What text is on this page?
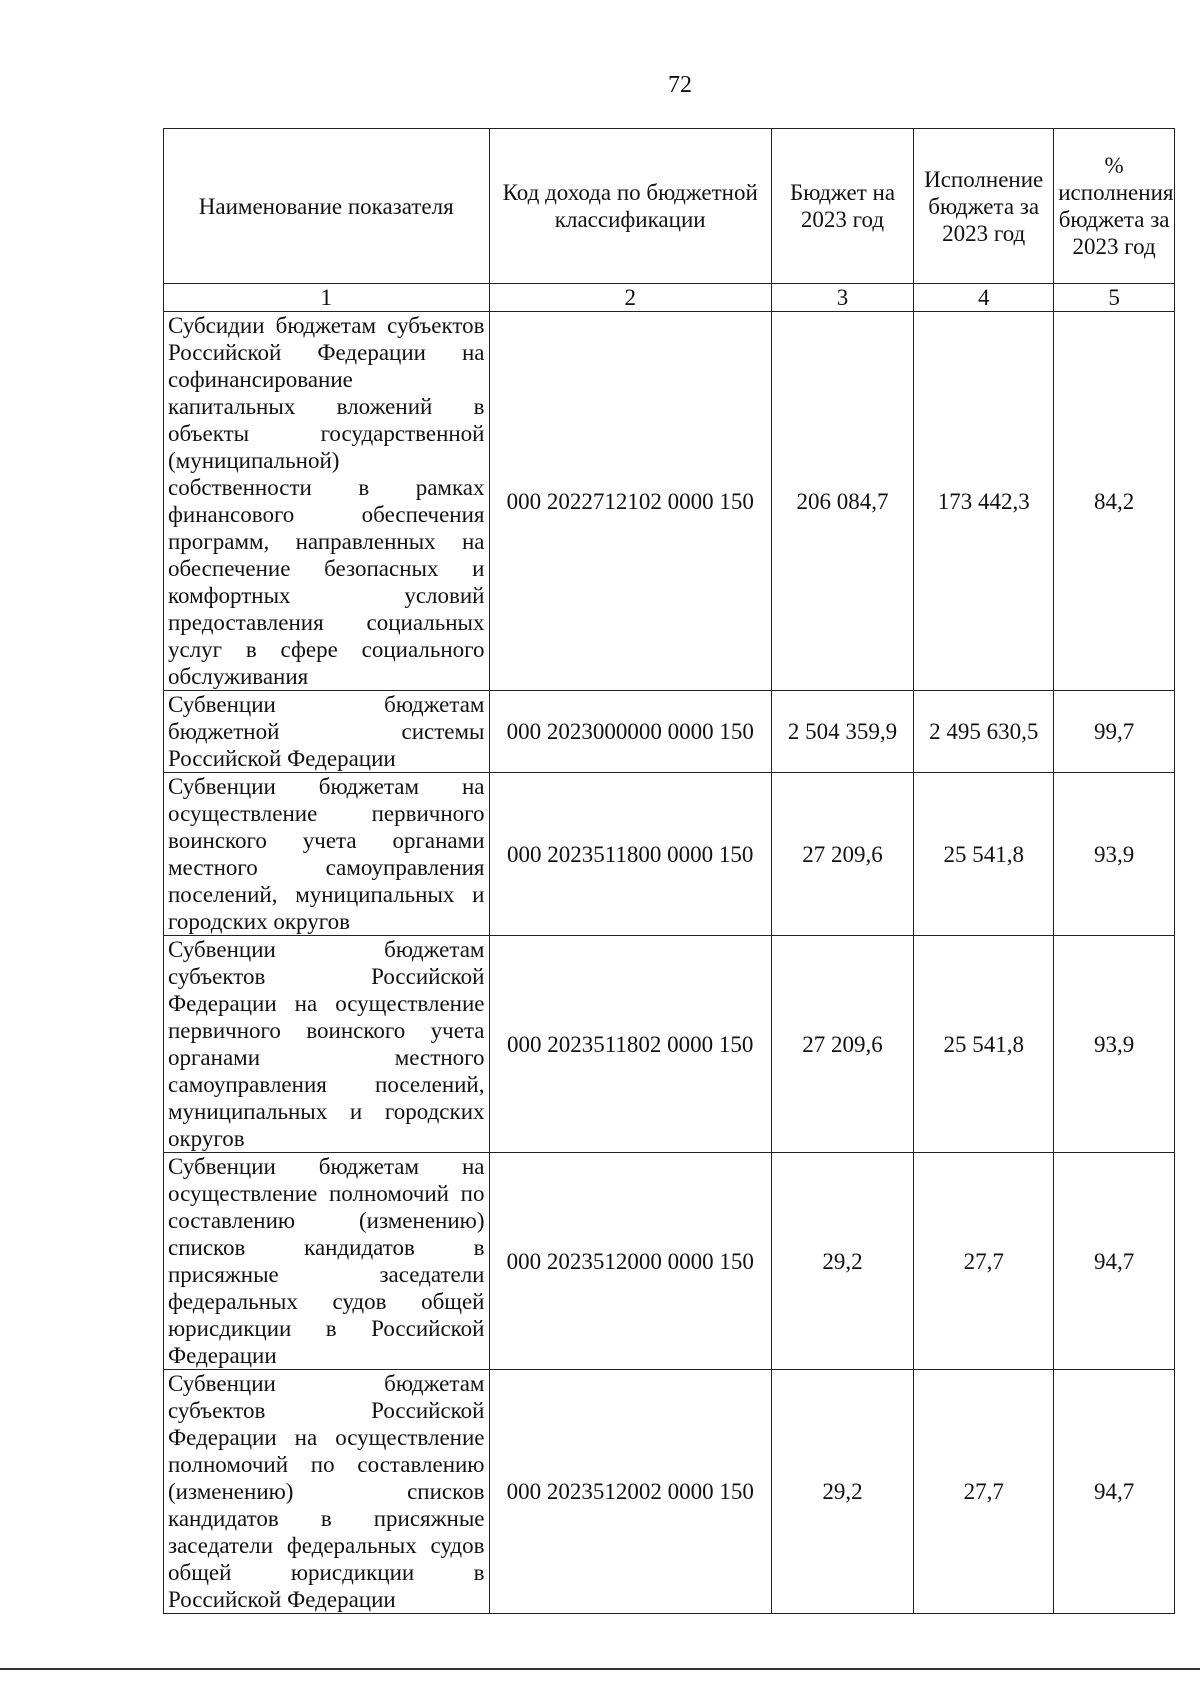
72
Наименование показателя	Код дохода по бюджетной классификации	Бюджет на 2023 год	Исполнение бюджета за 2023 год	% исполнения бюджета за 2023 год
1	2	3	4	5
Субсидии бюджетам субъектов Российской Федерации на софинансирование капитальных вложений в объекты государственной (муниципальной) собственности в рамках финансового обеспечения программ, направленных на обеспечение безопасных и комфортных условий предоставления социальных услуг в сфере социального обслуживания	000 2022712102 0000 150	206 084,7	173 442,3	84,2
Субвенции бюджетам бюджетной системы Российской Федерации	000 2023000000 0000 150	2 504 359,9	2 495 630,5	99,7
Субвенции бюджетам на осуществление первичного воинского учета органами местного самоуправления поселений, муниципальных и городских округов	000 2023511800 0000 150	27 209,6	25 541,8	93,9
Субвенции бюджетам субъектов Российской Федерации на осуществление первичного воинского учета органами местного самоуправления поселений, муниципальных и городских округов	000 2023511802 0000 150	27 209,6	25 541,8	93,9
Субвенции бюджетам на осуществление полномочий по составлению (изменению) списков кандидатов в присяжные заседатели федеральных судов общей юрисдикции в Российской Федерации	000 2023512000 0000 150	29,2	27,7	94,7
Субвенции бюджетам субъектов Российской Федерации на осуществление полномочий по составлению (изменению) списков кандидатов в присяжные заседатели федеральных судов общей юрисдикции в Российской Федерации	000 2023512002 0000 150	29,2	27,7	94,7
